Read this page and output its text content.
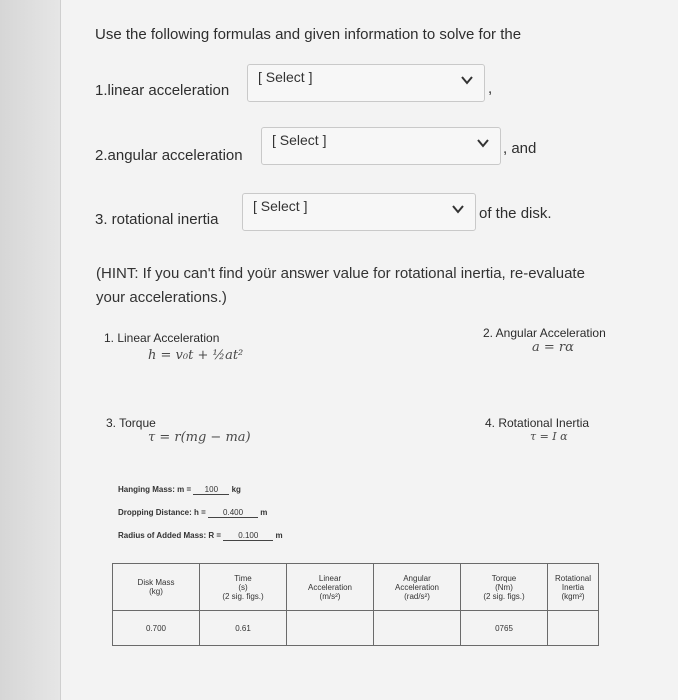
Use the following formulas and given information to solve for the
1.linear acceleration
[ Select ]
,
2.angular acceleration
[ Select ]	, and
3. rotational inertia
[ Select ]	of the disk.
(HINT: If you can't find yoür answer value for rotational inertia, re-evaluate your accelerations.)
1. Linear Acceleration
h = v₀t + ½at²
2. Angular Acceleration
a = rα
3. Torque
τ = r(mg − ma)
4. Rotational Inertia
τ = I α
Hanging Mass: m = 100 kg
Dropping Distance: h = 0.400 m
Radius of Added Mass: R = 0.100 m
Disk Mass
(kg)	Time
(s)
(2 sig. figs.)	Linear
Acceleration
(m/s²)	Angular
Acceleration
(rad/s²)	Torque
(Nm)
(2 sig. figs.)	Rotational
Inertia
(kgm²)
0.700	0.61			0765	
